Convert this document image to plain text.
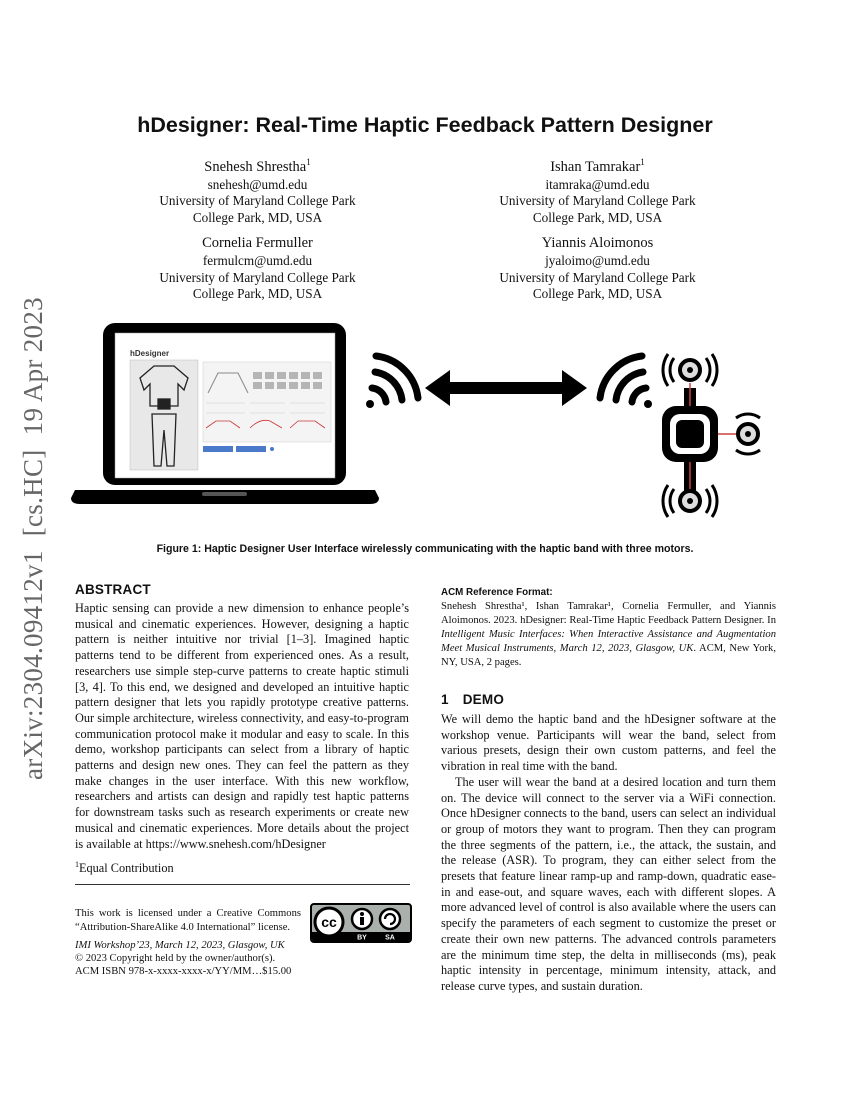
hDesigner: Real-Time Haptic Feedback Pattern Designer
Snehesh Shrestha$^1$
snehesh@umd.edu
University of Maryland College Park
College Park, MD, USA
Ishan Tamrakar$^1$
itamraka@umd.edu
University of Maryland College Park
College Park, MD, USA
Cornelia Fermuller
fermulcm@umd.edu
University of Maryland College Park
College Park, MD, USA
Yiannis Aloimonos
jyaloimo@umd.edu
University of Maryland College Park
College Park, MD, USA
arXiv:2304.09412v1  [cs.HC]  19 Apr 2023	hDesigner
Figure 1: Haptic Designer User Interface wirelessly communicating with the haptic band with three motors.
ABSTRACT

Haptic sensing can provide a new dimension to enhance people’s musical and cinematic experiences. However, designing a haptic pattern is neither intuitive nor trivial [1–3]. Imagined haptic patterns tend to be different from experienced ones. As a result, researchers use simple step-curve patterns to create haptic stimuli [3, 4]. To this end, we designed and developed an intuitive haptic pattern designer that lets you rapidly prototype creative patterns. Our simple architecture, wireless connectivity, and easy-to-program communication protocol make it modular and easy to scale. In this demo, workshop participants can select from a library of haptic patterns and design new ones. They can feel the pattern as they make changes in the user interface. With this new workflow, researchers and artists can design and rapidly test haptic patterns for downstream tasks such as research experiments or create new musical and cinematic experiences. More details about the project is available at https://www.snehesh.com/hDesigner

$^1$Equal Contribution
This work is licensed under a Creative Commons “Attribution-ShareAlike 4.0 International” license.	cc
BY	SA
IMI Workshop’23, March 12, 2023, Glasgow, UK
© 2023 Copyright held by the owner/author(s).
ACM ISBN 978-x-xxxx-xxxx-x/YY/MM…$15.00
ACM Reference Format:
Snehesh Shrestha¹, Ishan Tamrakar¹, Cornelia Fermuller, and Yiannis Aloimonos. 2023. hDesigner: Real-Time Haptic Feedback Pattern Designer. In Intelligent Music Interfaces: When Interactive Assistance and Augmentation Meet Musical Instruments, March 12, 2023, Glasgow, UK. ACM, New York, NY, USA, 2 pages.
1 DEMO

We will demo the haptic band and the hDesigner software at the workshop venue. Participants will wear the band, select from various presets, design their own custom patterns, and feel the vibration in real time with the band.

The user will wear the band at a desired location and turn them on. The device will connect to the server via a WiFi connection. Once hDesigner connects to the band, users can select an individual or group of motors they want to program. Then they can program the three segments of the pattern, i.e., the attack, the sustain, and the release (ASR). To program, they can either select from the presets that feature linear ramp-up and ramp-down, quadratic ease-in and ease-out, and square waves, each with different slopes. A more advanced level of control is also available where the users can specify the parameters of each segment to customize the preset or create their own new patterns. The advanced controls parameters are the minimum time step, the delta in milliseconds (ms), peak haptic intensity in percentage, minimum intensity, attack, and release curve types, and sustain duration.
